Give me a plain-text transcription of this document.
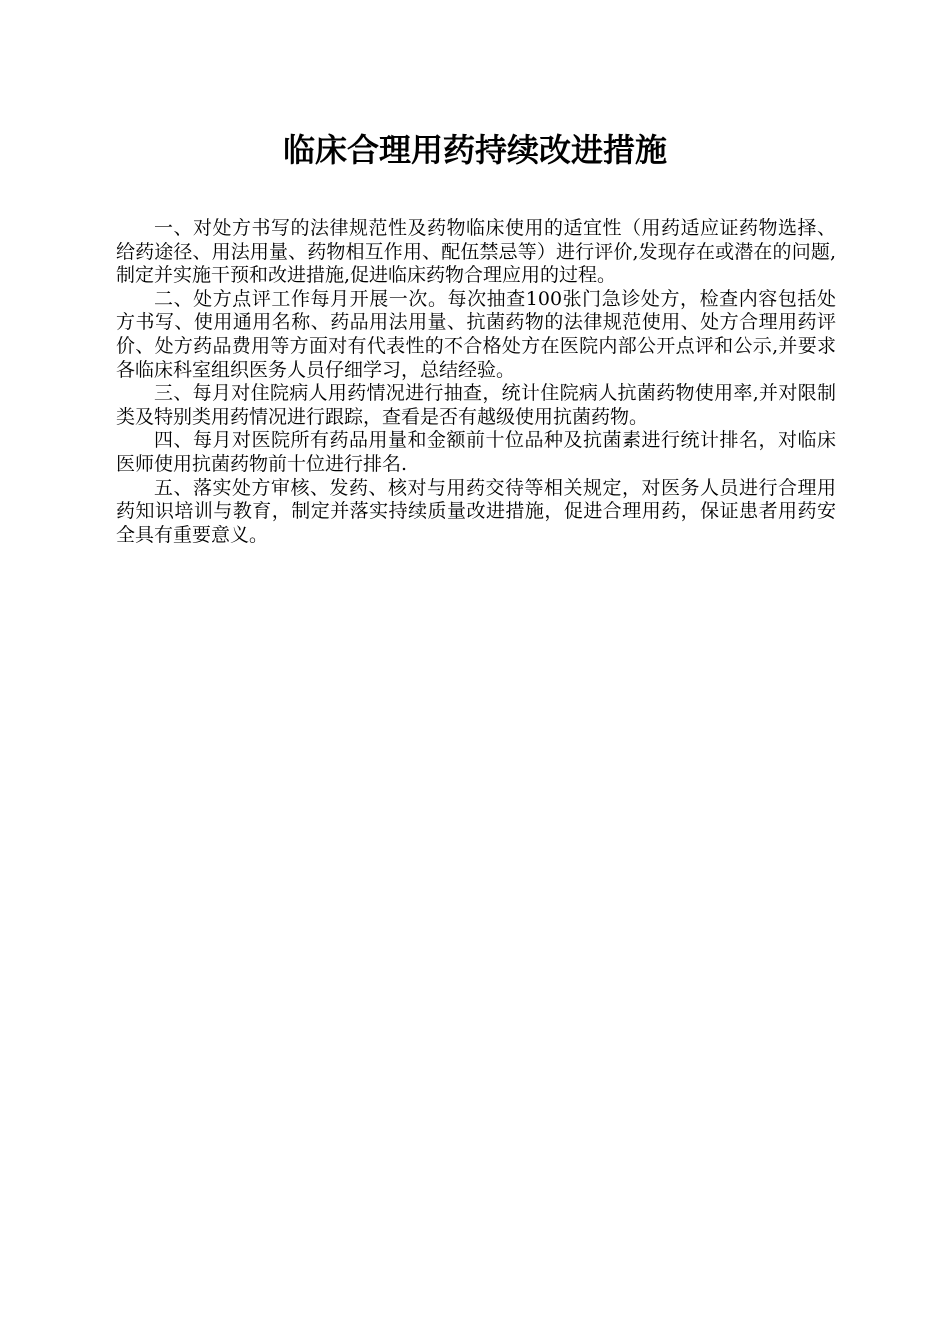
临床合理用药持续改进措施

一、对处方书写的法律规范性及药物临床使用的适宜性（用药适应证药物选择、给药途径、用法用量、药物相互作用、配伍禁忌等）进行评价,发现存在或潜在的问题,制定并实施干预和改进措施,促进临床药物合理应用的过程。

二、处方点评工作每月开展一次。每次抽查100张门急诊处方，检查内容包括处方书写、使用通用名称、药品用法用量、抗菌药物的法律规范使用、处方合理用药评价、处方药品费用等方面对有代表性的不合格处方在医院内部公开点评和公示,并要求各临床科室组织医务人员仔细学习，总结经验。

三、每月对住院病人用药情况进行抽查，统计住院病人抗菌药物使用率,并对限制类及特别类用药情况进行跟踪，查看是否有越级使用抗菌药物。

四、每月对医院所有药品用量和金额前十位品种及抗菌素进行统计排名，对临床医师使用抗菌药物前十位进行排名.

五、落实处方审核、发药、核对与用药交待等相关规定，对医务人员进行合理用药知识培训与教育，制定并落实持续质量改进措施，促进合理用药，保证患者用药安全具有重要意义。
